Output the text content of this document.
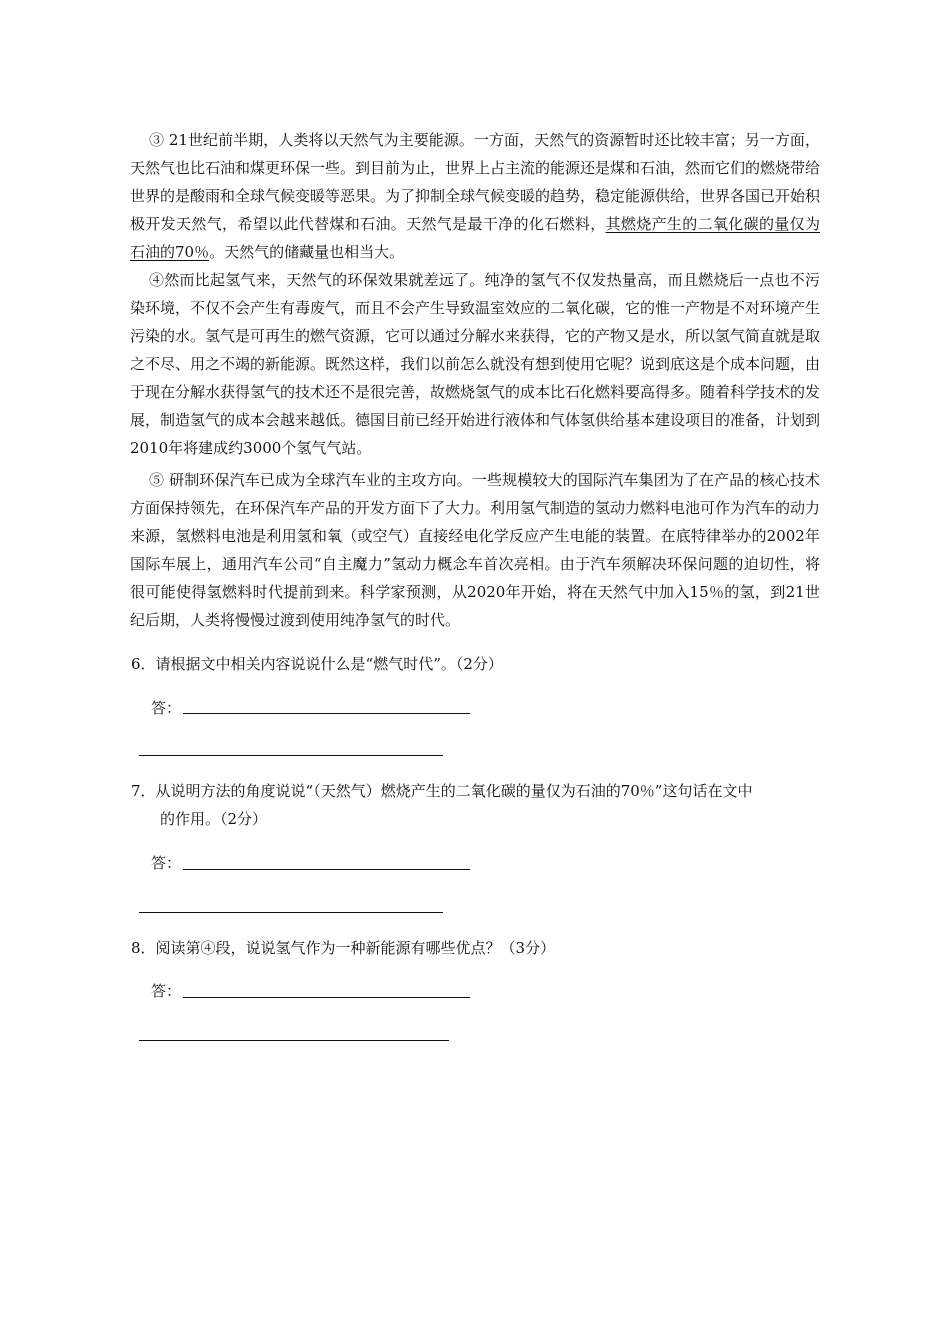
③ 21世纪前半期，人类将以天然气为主要能源。一方面，天然气的资源暂时还比较丰富；另一方面，天然气也比石油和煤更环保一些。到目前为止，世界上占主流的能源还是煤和石油，然而它们的燃烧带给世界的是酸雨和全球气候变暖等恶果。为了抑制全球气候变暖的趋势，稳定能源供给，世界各国已开始积极开发天然气，希望以此代替煤和石油。天然气是最干净的化石燃料，其燃烧产生的二氧化碳的量仅为石油的70％。天然气的储藏量也相当大。

④然而比起氢气来，天然气的环保效果就差远了。纯净的氢气不仅发热量高，而且燃烧后一点也不污染环境，不仅不会产生有毒废气，而且不会产生导致温室效应的二氧化碳，它的惟一产物是不对环境产生污染的水。氢气是可再生的燃气资源，它可以通过分解水来获得，它的产物又是水，所以氢气简直就是取之不尽、用之不竭的新能源。既然这样，我们以前怎么就没有想到使用它呢？说到底这是个成本问题，由于现在分解水获得氢气的技术还不是很完善，故燃烧氢气的成本比石化燃料要高得多。随着科学技术的发展，制造氢气的成本会越来越低。德国目前已经开始进行液体和气体氢供给基本建设项目的准备，计划到2010年将建成约3000个氢气气站。

⑤ 研制环保汽车已成为全球汽车业的主攻方向。一些规模较大的国际汽车集团为了在产品的核心技术方面保持领先，在环保汽车产品的开发方面下了大力。利用氢气制造的氢动力燃料电池可作为汽车的动力来源，氢燃料电池是利用氢和氧（或空气）直接经电化学反应产生电能的装置。在底特律举办的2002年国际车展上，通用汽车公司“自主魔力”氢动力概念车首次亮相。由于汽车须解决环保问题的迫切性，将很可能使得氢燃料时代提前到来。科学家预测，从2020年开始，将在天然气中加入15％的氢，到21世纪后期，人类将慢慢过渡到使用纯净氢气的时代。

6．请根据文中相关内容说说什么是“燃气时代”。（2分）
答：
7．从说明方法的角度说说“（天然气）燃烧产生的二氧化碳的量仅为石油的70％”这句话在文中
的作用。（2分）
答：
8．阅读第④段，说说氢气作为一种新能源有哪些优点？（3分）
答：
